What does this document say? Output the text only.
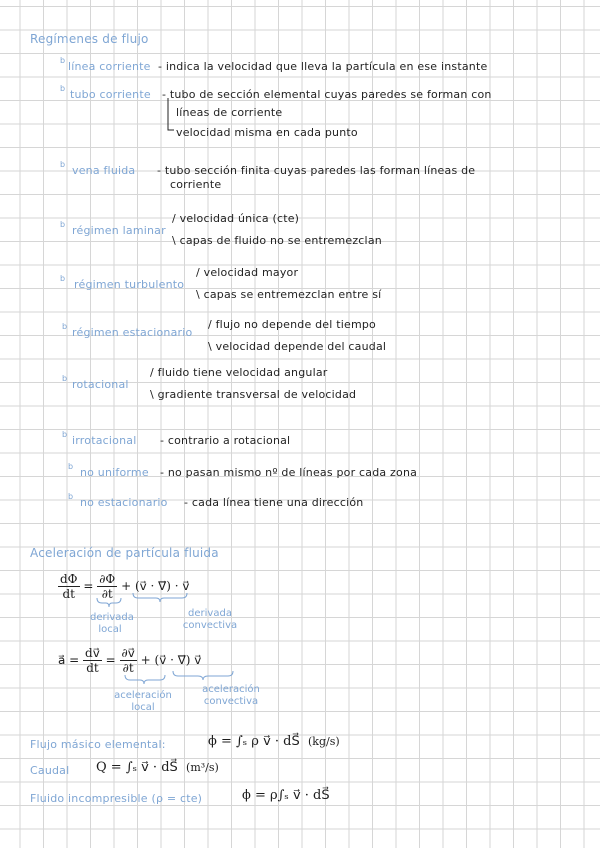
Regímenes de flujo
b línea corriente - indica la velocidad que lleva la partícula en ese instante
b tubo corriente - tubo de sección elemental cuyas paredes se forman con
líneas de corriente
velocidad misma en cada punto
b vena fluida - tubo sección finita cuyas paredes las forman líneas de
corriente
b régimen laminar
/ velocidad única (cte)
\ capas de fluido no se entremezclan
b régimen turbulento
/ velocidad mayor
\ capas se entremezclan entre sí
b régimen estacionario
/ flujo no depende del tiempo
\ velocidad depende del caudal
b rotacional
/ fluido tiene velocidad angular
\ gradiente transversal de velocidad
b irrotacional - contrario a rotacional
b no uniforme - no pasan mismo nº de líneas por cada zona
b no estacionario - cada línea tiene una dirección
Aceleración de partícula fluida
$\frac{d\Phi}{dt} = \frac{\partial\Phi}{\partial t}$ + (v⃗ · ∇⃗) · v⃗
derivada local
derivada convectiva
a⃗ = $\frac{dv⃗}{dt} = \frac{\partial v⃗}{\partial t}$ + (v⃗ · ∇⃗) v⃗
aceleración local
aceleración convectiva
Flujo másico elemental:	ϕ = ∫ₛ ρ v⃗ · dS⃗ (kg/s)
Caudal Q = ∫ₛ v⃗ · dS⃗ (m³/s)
Fluido incompresible (ρ = cte)	ϕ = ρ∫ₛ v⃗ · dS⃗
